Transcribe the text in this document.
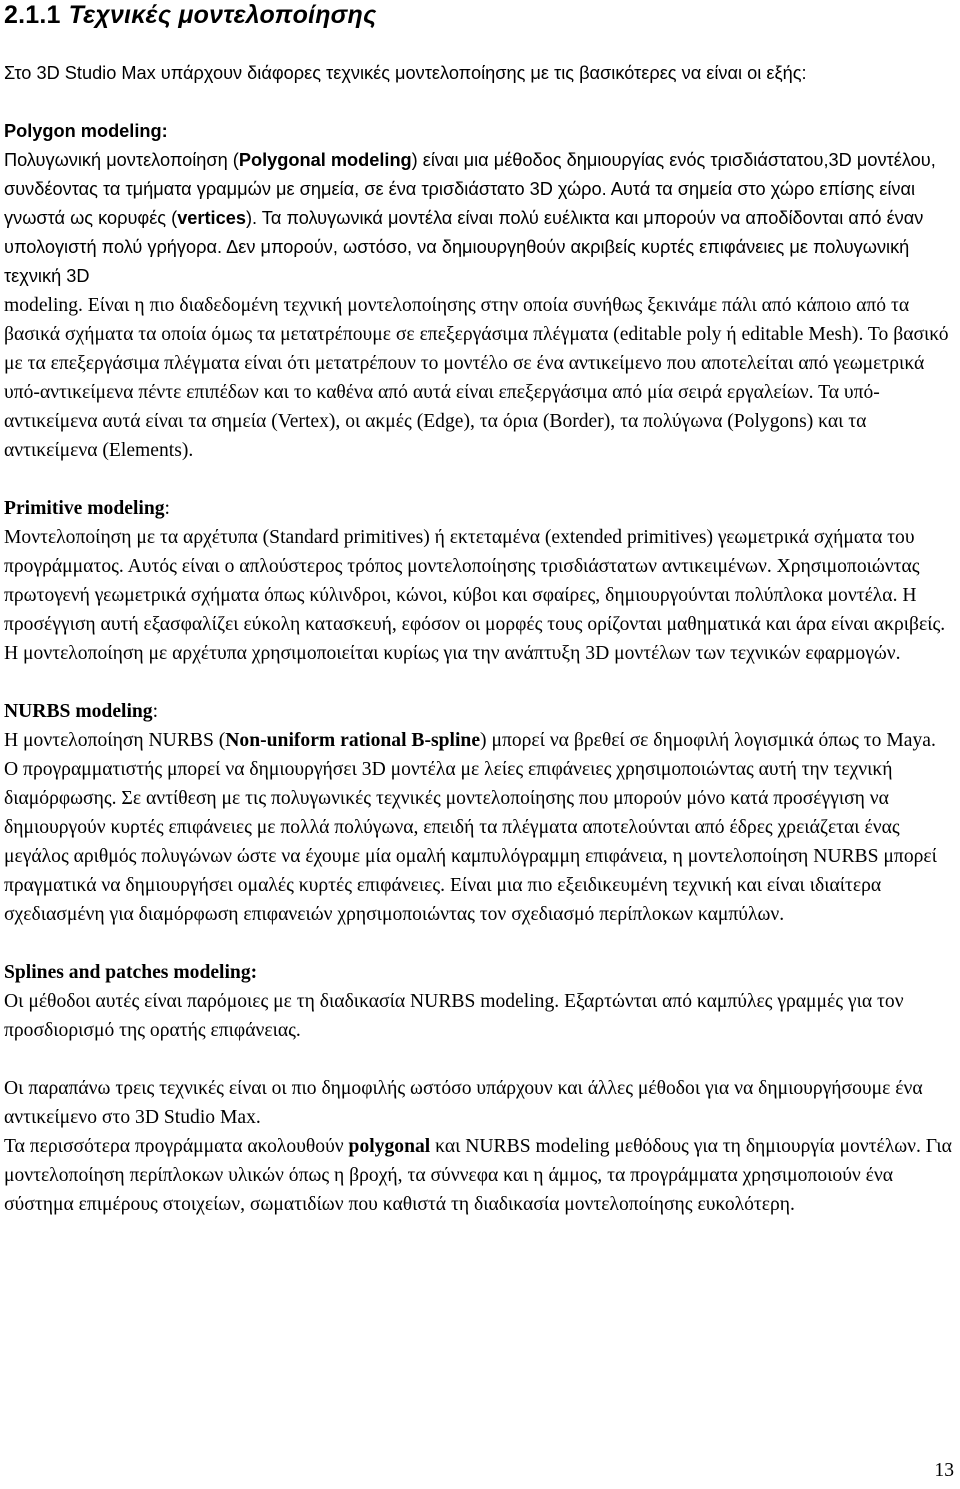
2.1.1 Τεχνικές μοντελοποίησης

Στο 3D Studio Max υπάρχουν διάφορες τεχνικές μοντελοποίησης με τις βασικότερες να είναι οι εξής:

Polygon modeling:

Πολυγωνική μοντελοποίηση (Polygonal modeling) είναι μια μέθοδος δημιουργίας ενός τρισδιάστατου,3D μοντέλου, συνδέοντας τα τμήματα γραμμών με σημεία, σε ένα τρισδιάστατο 3D χώρο. Αυτά τα σημεία στο χώρο επίσης είναι γνωστά ως κορυφές (vertices). Τα πολυγωνικά μοντέλα είναι πολύ ευέλικτα και μπορούν να αποδίδονται από έναν υπολογιστή πολύ γρήγορα. Δεν μπορούν, ωστόσο, να δημιουργηθούν ακριβείς κυρτές επιφάνειες με πολυγωνική τεχνική 3D

modeling. Είναι η πιο διαδεδομένη τεχνική μοντελοποίησης στην οποία συνήθως ξεκινάμε πάλι από κάποιο από τα βασικά σχήματα τα οποία όμως τα μετατρέπουμε σε επεξεργάσιμα πλέγματα (editable poly ή editable Mesh). Το βασικό με τα επεξεργάσιμα πλέγματα είναι ότι μετατρέπουν το μοντέλο σε ένα αντικείμενο που αποτελείται από γεωμετρικά υπό-αντικείμενα πέντε επιπέδων και το καθένα από αυτά είναι επεξεργάσιμα από μία σειρά εργαλείων. Τα υπό-αντικείμενα αυτά είναι τα σημεία (Vertex), οι ακμές (Edge), τα όρια (Border), τα πολύγωνα (Polygons) και τα αντικείμενα (Elements).

Primitive modeling:

Μοντελοποίηση με τα αρχέτυπα (Standard primitives) ή εκτεταμένα (extended primitives) γεωμετρικά σχήματα του προγράμματος. Αυτός είναι ο απλούστερος τρόπος μοντελοποίησης τρισδιάστατων αντικειμένων. Χρησιμοποιώντας πρωτογενή γεωμετρικά σχήματα όπως κύλινδροι, κώνοι, κύβοι και σφαίρες, δημιουργούνται πολύπλοκα μοντέλα. Η προσέγγιση αυτή εξασφαλίζει εύκολη κατασκευή, εφόσον οι μορφές τους ορίζονται μαθηματικά και άρα είναι ακριβείς. Η μοντελοποίηση με αρχέτυπα χρησιμοποιείται κυρίως για την ανάπτυξη 3D μοντέλων των τεχνικών εφαρμογών.

NURBS modeling:

Η μοντελοποίηση NURBS (Non-uniform rational B-spline) μπορεί να βρεθεί σε δημοφιλή λογισμικά όπως το Maya. Ο προγραμματιστής μπορεί να δημιουργήσει 3D μοντέλα με λείες επιφάνειες χρησιμοποιώντας αυτή την τεχνική διαμόρφωσης. Σε αντίθεση με τις πολυγωνικές τεχνικές μοντελοποίησης που μπορούν μόνο κατά προσέγγιση να δημιουργούν κυρτές επιφάνειες με πολλά πολύγωνα, επειδή τα πλέγματα αποτελούνται από έδρες χρειάζεται ένας μεγάλος αριθμός πολυγώνων ώστε να έχουμε μία ομαλή καμπυλόγραμμη επιφάνεια, η μοντελοποίηση NURBS μπορεί πραγματικά να δημιουργήσει ομαλές κυρτές επιφάνειες. Είναι μια πιο εξειδικευμένη τεχνική και είναι ιδιαίτερα σχεδιασμένη για διαμόρφωση επιφανειών χρησιμοποιώντας τον σχεδιασμό περίπλοκων καμπύλων.

Splines and patches modeling:

Οι μέθοδοι αυτές είναι παρόμοιες με τη διαδικασία NURBS modeling. Εξαρτώνται από καμπύλες γραμμές για τον προσδιορισμό της ορατής επιφάνειας.

Οι παραπάνω τρεις τεχνικές είναι οι πιο δημοφιλής ωστόσο υπάρχουν και άλλες μέθοδοι για να δημιουργήσουμε ένα αντικείμενο στο 3D Studio Max.

Τα περισσότερα προγράμματα ακολουθούν polygonal και NURBS modeling μεθόδους για τη δημιουργία μοντέλων. Για μοντελοποίηση περίπλοκων υλικών όπως η βροχή, τα σύννεφα και η άμμος, τα προγράμματα χρησιμοποιούν ένα σύστημα επιμέρους στοιχείων, σωματιδίων που καθιστά τη διαδικασία μοντελοποίησης ευκολότερη.

13
